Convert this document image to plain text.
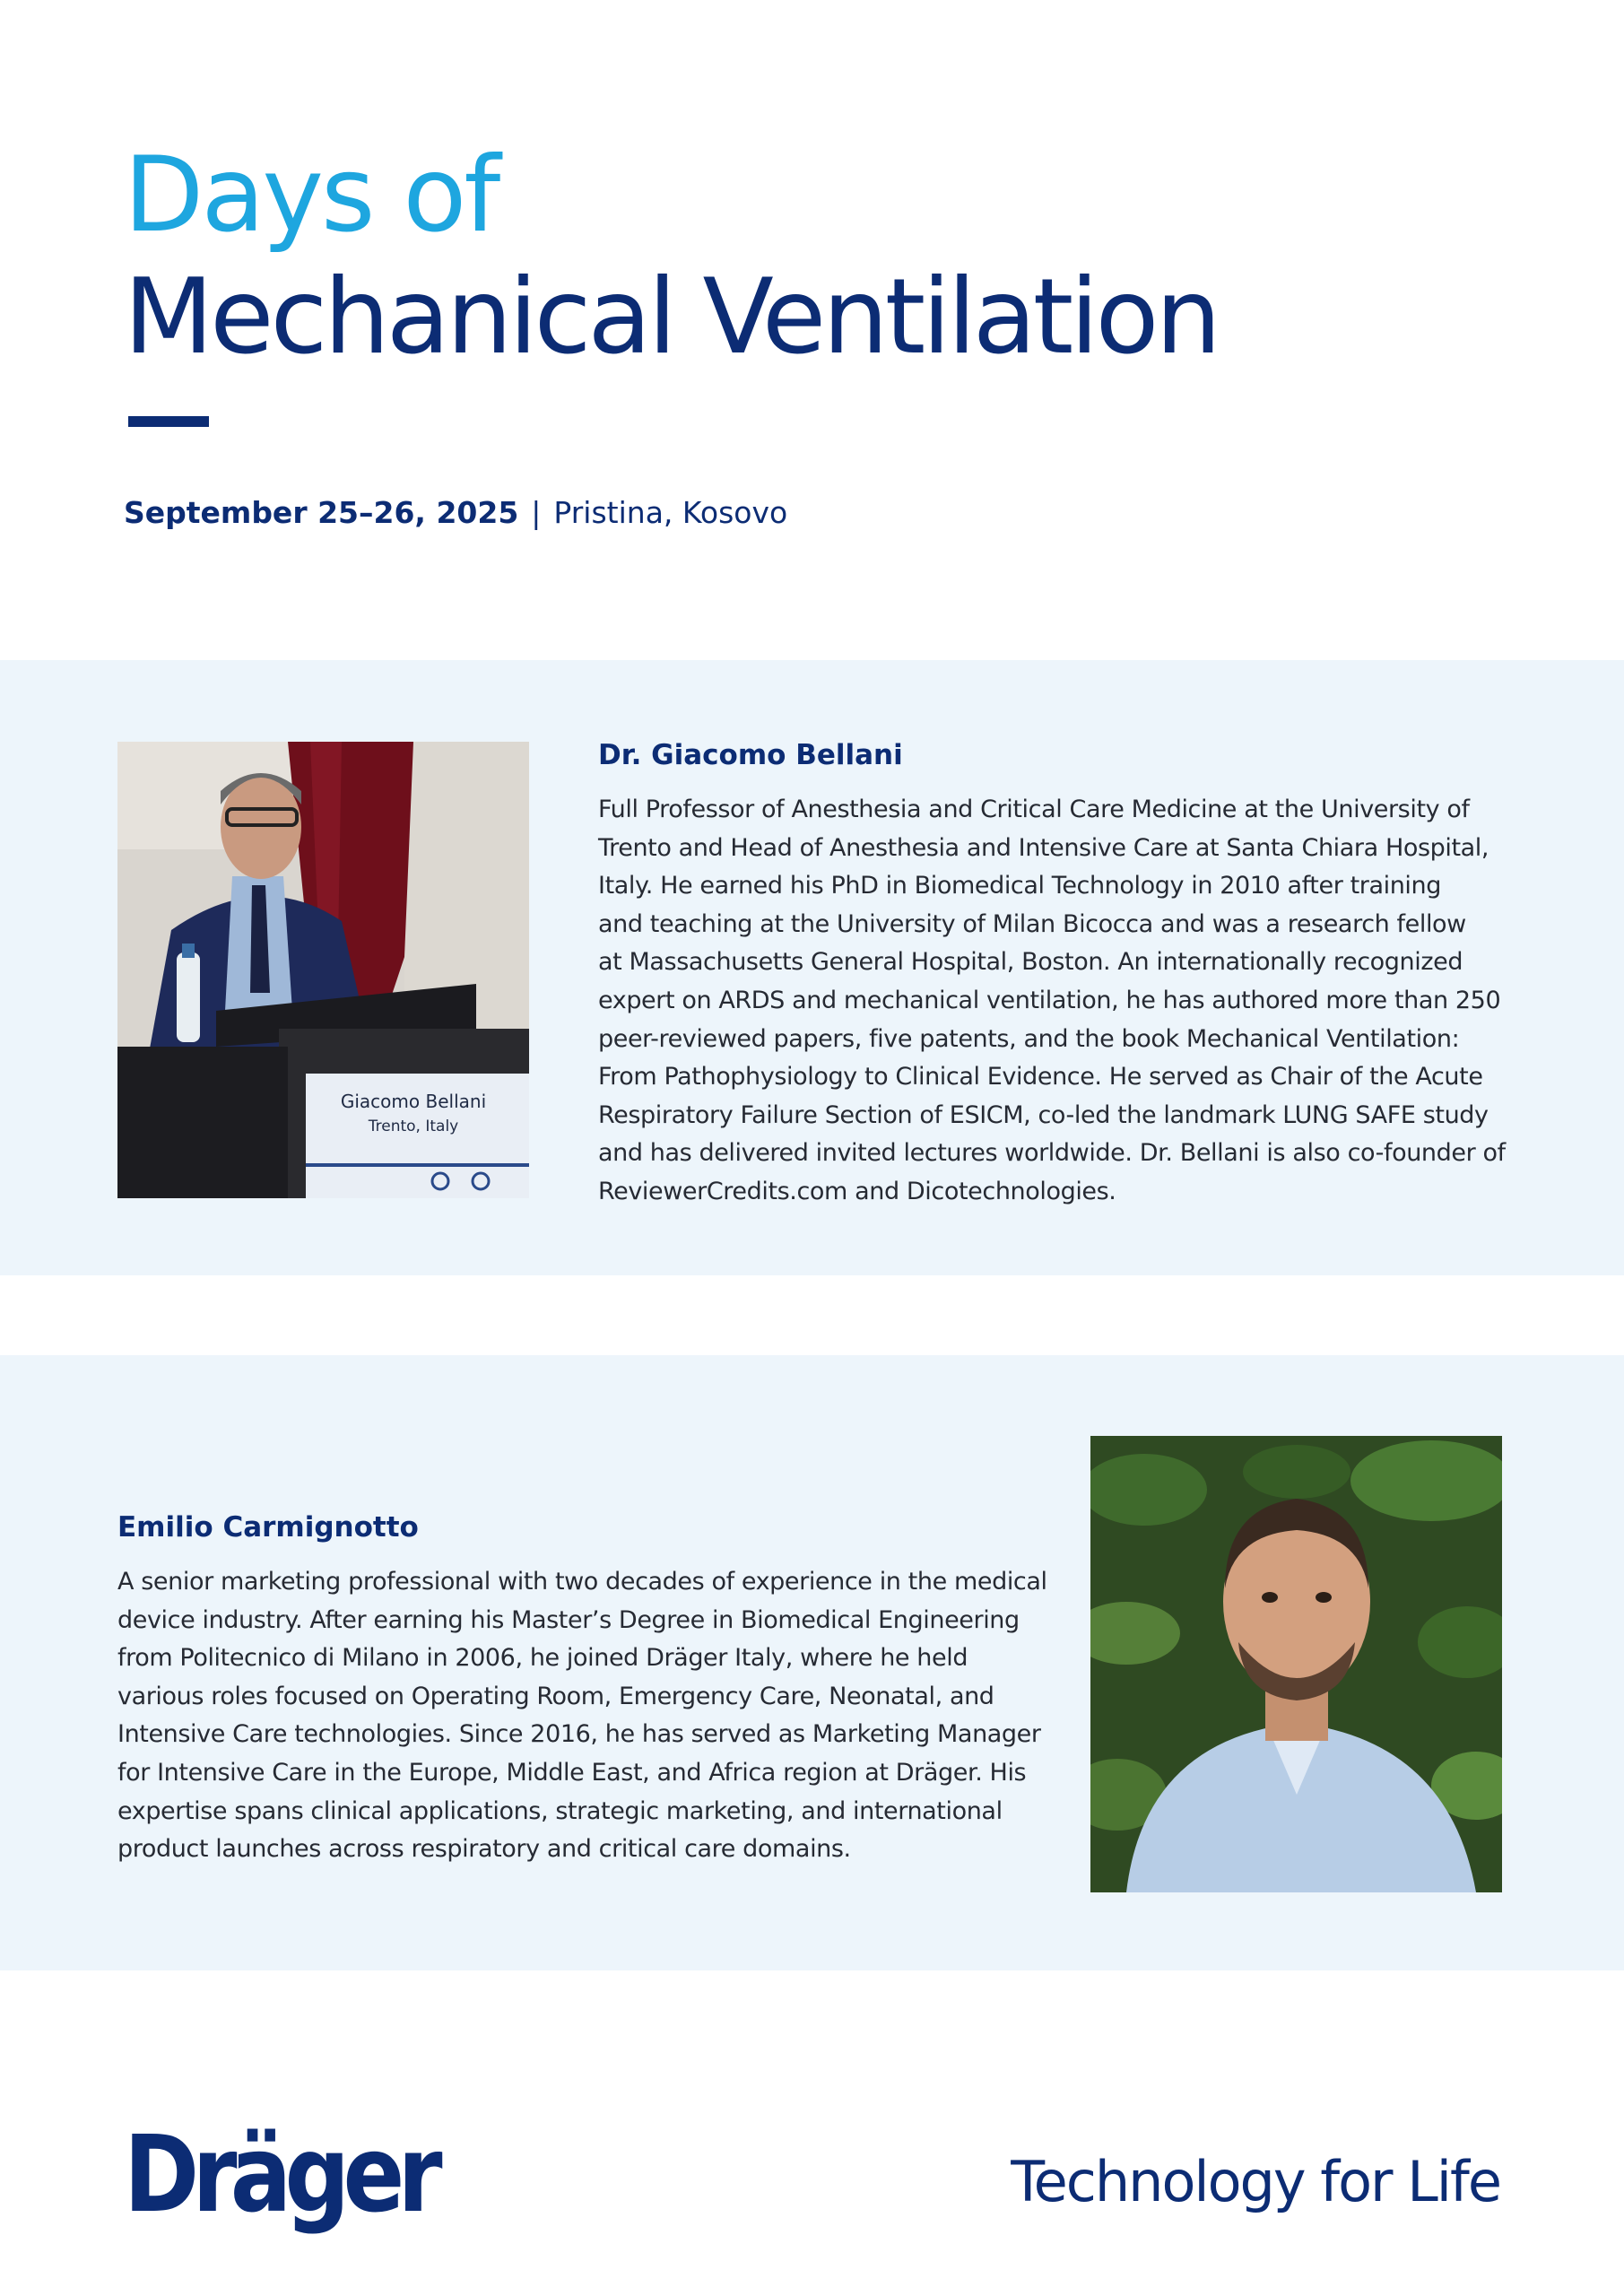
Days of
Mechanical Ventilation
September 25–26, 2025 | Pristina, Kosovo
Giacomo Bellani
Trento, Italy
Dr. Giacomo Bellani
Full Professor of Anesthesia and Critical Care Medicine at the University of
Trento and Head of Anesthesia and Intensive Care at Santa Chiara Hospital,
Italy. He earned his PhD in Biomedical Technology in 2010 after training
and teaching at the University of Milan Bicocca and was a research fellow
at Massachusetts General Hospital, Boston. An internationally recognized
expert on ARDS and mechanical ventilation, he has authored more than 250
peer-reviewed papers, five patents, and the book Mechanical Ventilation:
From Pathophysiology to Clinical Evidence. He served as Chair of the Acute
Respiratory Failure Section of ESICM, co-led the landmark LUNG SAFE study
and has delivered invited lectures worldwide. Dr. Bellani is also co-founder of
ReviewerCredits.com and Dicotechnologies.
Emilio Carmignotto
A senior marketing professional with two decades of experience in the medical
device industry. After earning his Master’s Degree in Biomedical Engineering
from Politecnico di Milano in 2006, he joined Dräger Italy, where he held
various roles focused on Operating Room, Emergency Care, Neonatal, and
Intensive Care technologies. Since 2016, he has served as Marketing Manager
for Intensive Care in the Europe, Middle East, and Africa region at Dräger. His
expertise spans clinical applications, strategic marketing, and international
product launches across respiratory and critical care domains.
Dräger	Technology for Life
